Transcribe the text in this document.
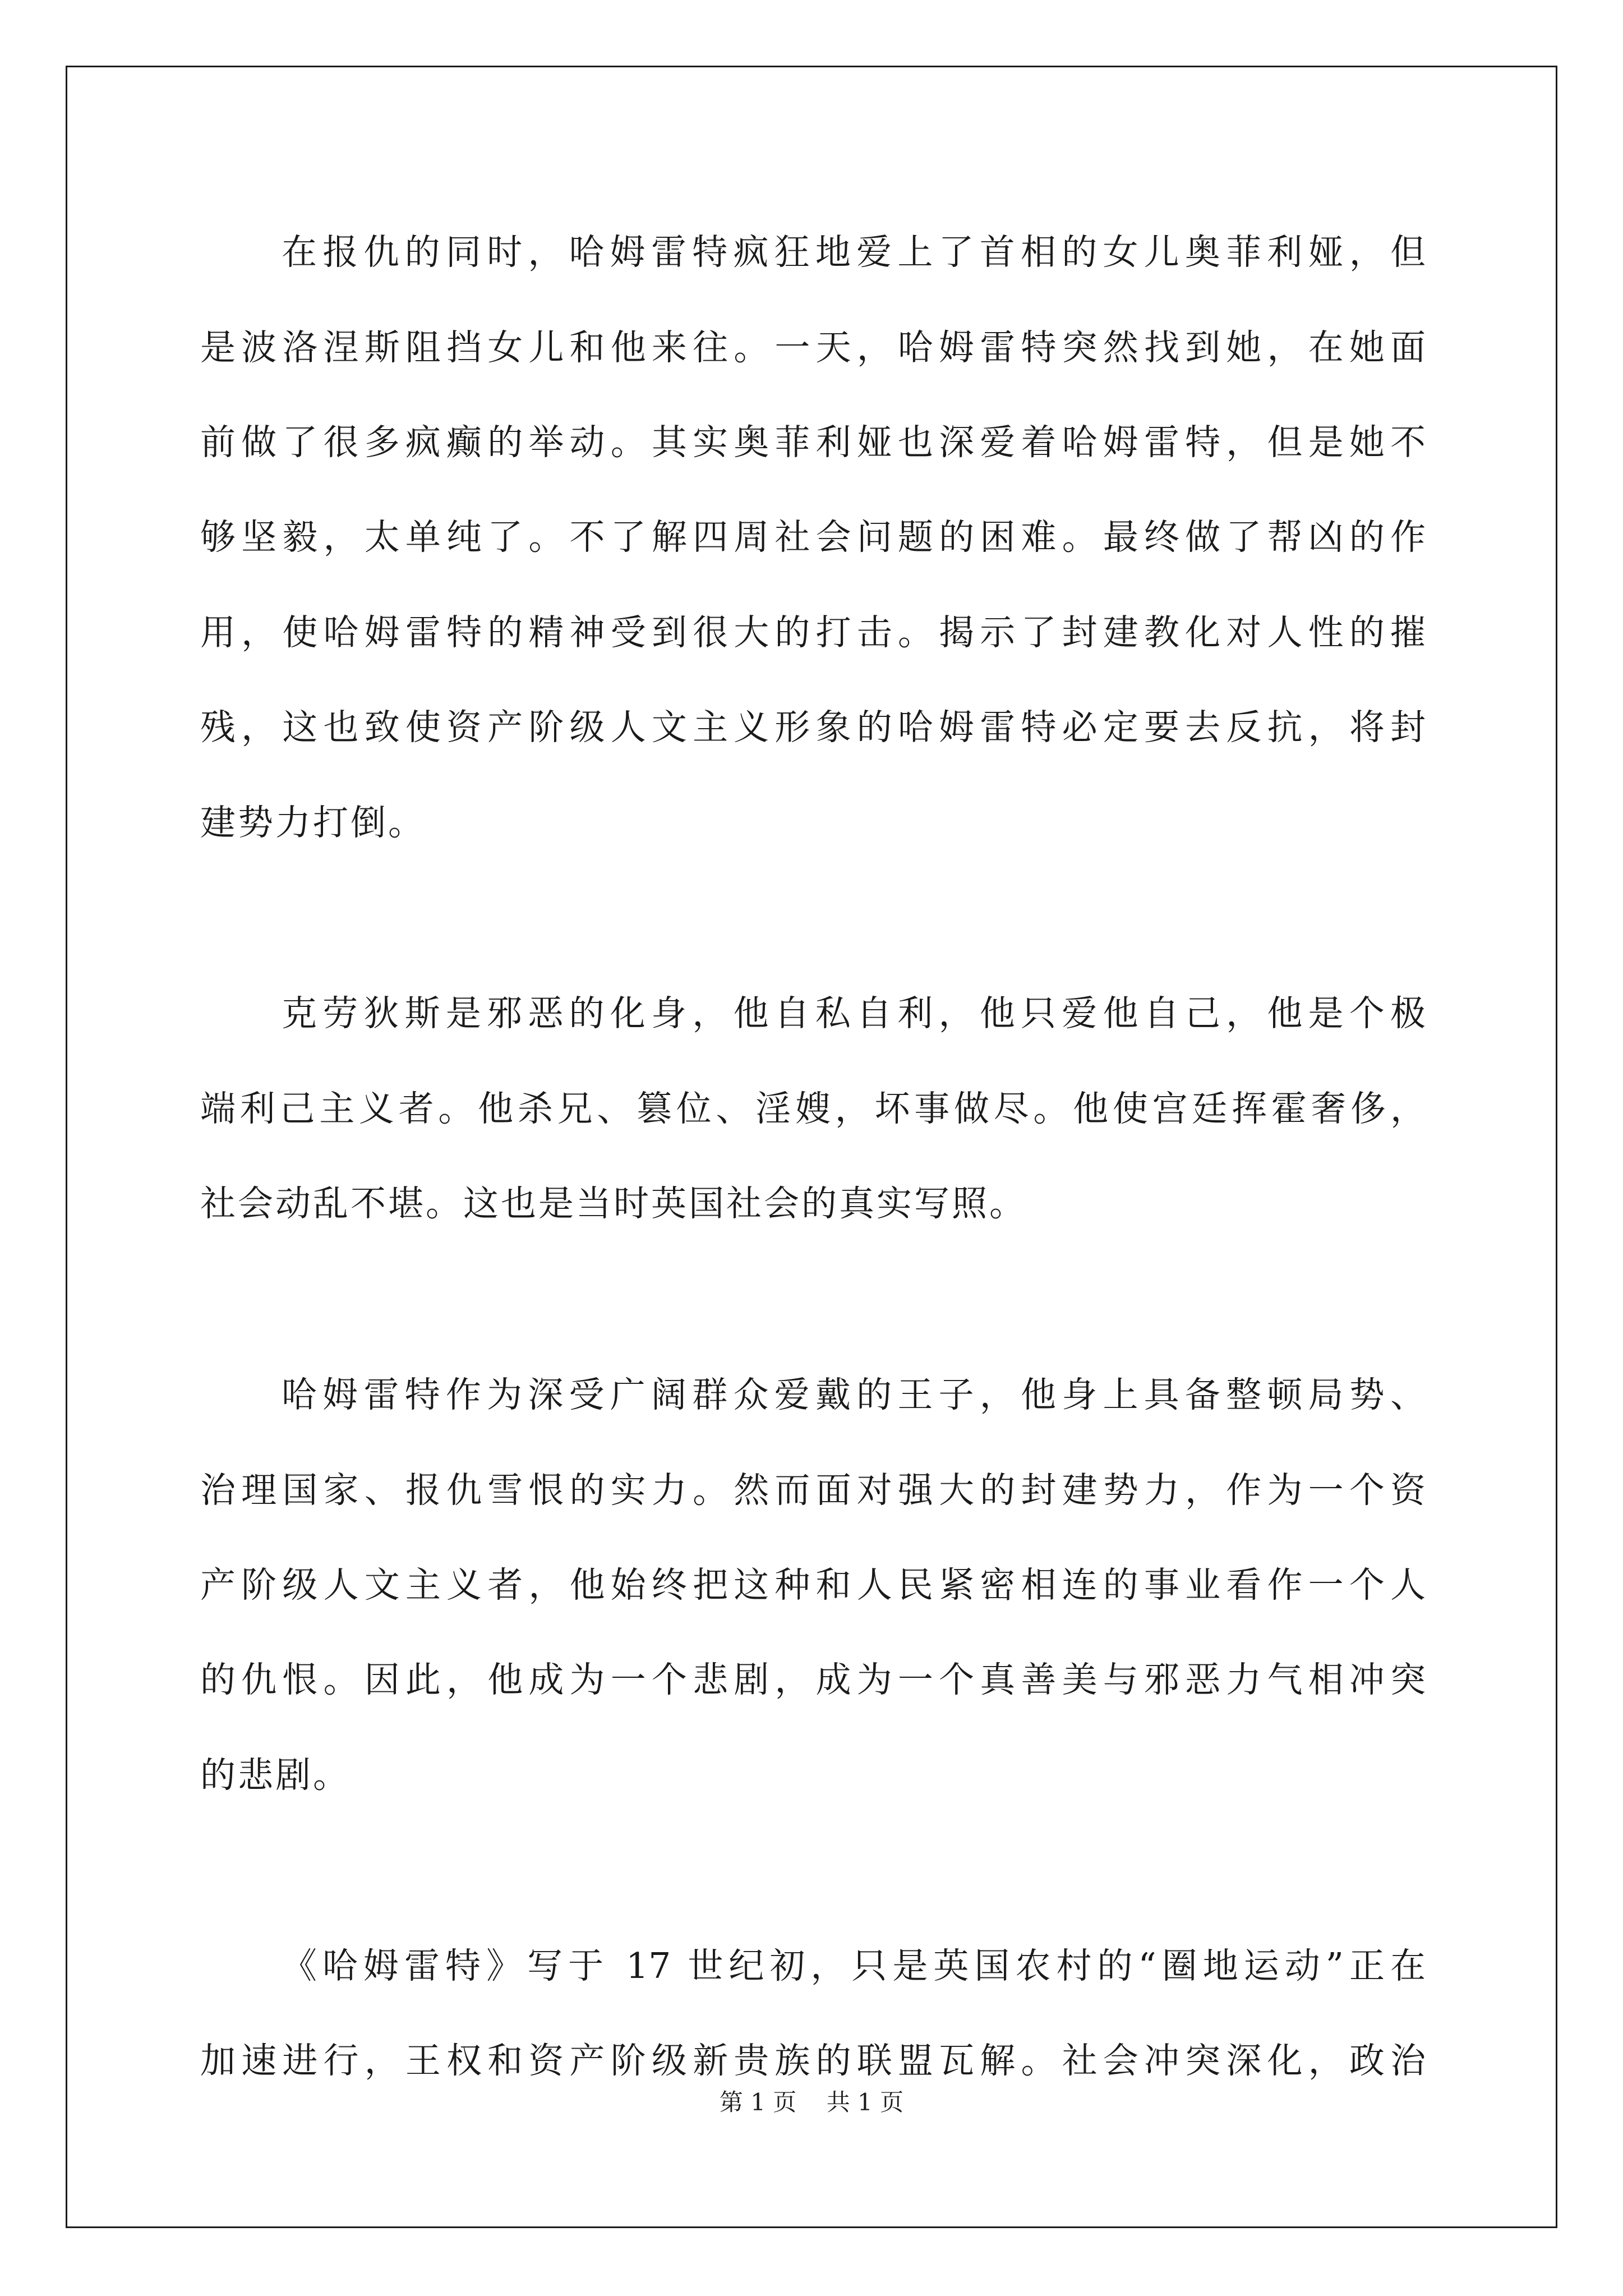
在报仇的同时，哈姆雷特疯狂地爱上了首相的女儿奥菲利娅，但
是波洛涅斯阻挡女儿和他来往。一天，哈姆雷特突然找到她，在她面
前做了很多疯癫的举动。其实奥菲利娅也深爱着哈姆雷特，但是她不
够坚毅，太单纯了。不了解四周社会问题的困难。最终做了帮凶的作
用，使哈姆雷特的精神受到很大的打击。揭示了封建教化对人性的摧
残，这也致使资产阶级人文主义形象的哈姆雷特必定要去反抗，将封
建势力打倒。
克劳狄斯是邪恶的化身，他自私自利，他只爱他自己，他是个极
端利己主义者。他杀兄、篡位、淫嫂，坏事做尽。他使宫廷挥霍奢侈，
社会动乱不堪。这也是当时英国社会的真实写照。
哈姆雷特作为深受广阔群众爱戴的王子，他身上具备整顿局势、
治理国家、报仇雪恨的实力。然而面对强大的封建势力，作为一个资
产阶级人文主义者，他始终把这种和人民紧密相连的事业看作一个人
的仇恨。因此，他成为一个悲剧，成为一个真善美与邪恶力气相冲突
的悲剧。
《哈姆雷特》写于 17 世纪初，只是英国农村的“圈地运动”正在
加速进行，王权和资产阶级新贵族的联盟瓦解。社会冲突深化，政治
第 1 页    共 1 页
